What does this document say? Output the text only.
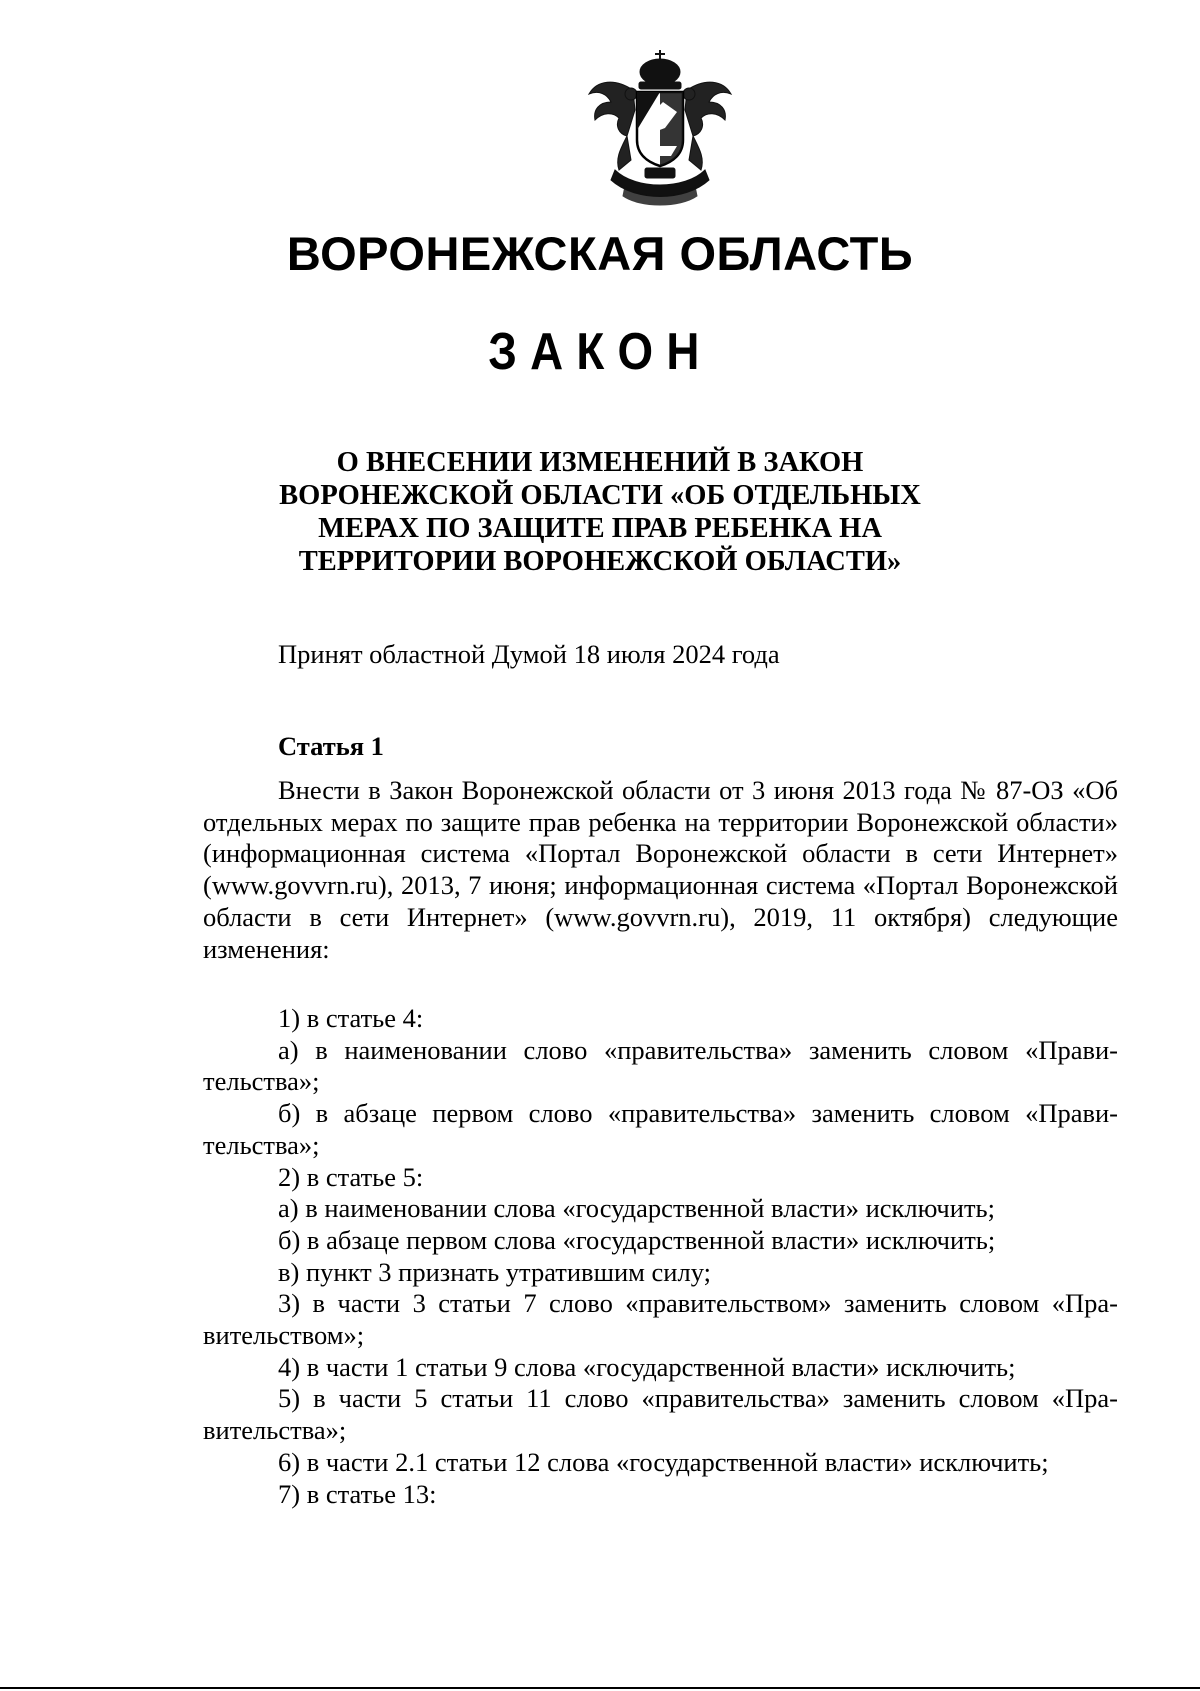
ВОРОНЕЖСКАЯ ОБЛАСТЬ
ЗАКОН
О ВНЕСЕНИИ ИЗМЕНЕНИЙ В ЗАКОН
ВОРОНЕЖСКОЙ ОБЛАСТИ «ОБ ОТДЕЛЬНЫХ
МЕРАХ ПО ЗАЩИТЕ ПРАВ РЕБЕНКА НА
ТЕРРИТОРИИ ВОРОНЕЖСКОЙ ОБЛАСТИ»

Принят областной Думой 18 июля 2024 года

Статья 1

Внести в Закон Воронежской области от 3 июня 2013 года № 87-ОЗ «Об отдельных мерах по защите прав ребенка на территории Воронежской области» (информационная система «Портал Воронежской области в сети Интернет» (www.govvrn.ru), 2013, 7 июня; информационная система «Портал Воронежской области в сети Интернет» (www.govvrn.ru), 2019, 11 октября) следующие изменения:

1) в статье 4:

а) в наименовании слово «правительства» заменить словом «Правительства»;

б) в абзаце первом слово «правительства» заменить словом «Правительства»;

2) в статье 5:

а) в наименовании слова «государственной власти» исключить;

б) в абзаце первом слова «государственной власти» исключить;

в) пункт 3 признать утратившим силу;

3) в части 3 статьи 7 слово «правительством» заменить словом «Правительством»;

4) в части 1 статьи 9 слова «государственной власти» исключить;

5) в части 5 статьи 11 слово «правительства» заменить словом «Правительства»;

6) в части 2.1 статьи 12 слова «государственной власти» исключить;

7) в статье 13:
